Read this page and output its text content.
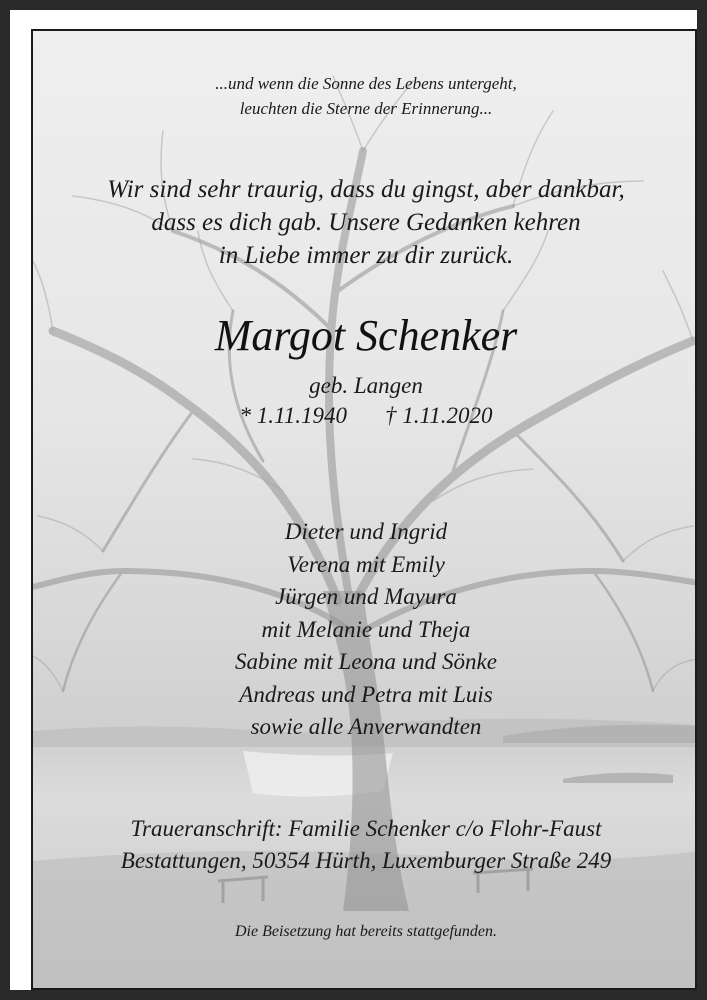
...und wenn die Sonne des Lebens untergeht,
leuchten die Sterne der Erinnerung...

Wir sind sehr traurig, dass du gingst, aber dankbar,
dass es dich gab. Unsere Gedanken kehren
in Liebe immer zu dir zurück.

Margot Schenker

geb. Langen

* 1.11.1940 † 1.11.2020

Dieter und Ingrid
Verena mit Emily
Jürgen und Mayura
mit Melanie und Theja
Sabine mit Leona und Sönke
Andreas und Petra mit Luis
sowie alle Anverwandten

Traueranschrift: Familie Schenker c/o Flohr-Faust
Bestattungen, 50354 Hürth, Luxemburger Straße 249

Die Beisetzung hat bereits stattgefunden.
